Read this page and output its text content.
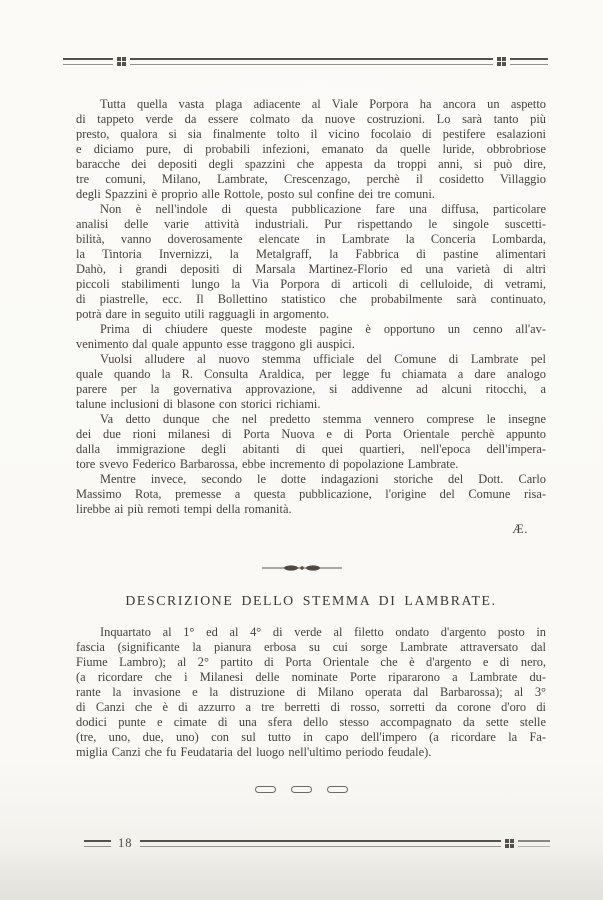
Tutta quella vasta plaga adiacente al Viale Porpora ha ancora un aspetto
di tappeto verde da essere colmato da nuove costruzioni. Lo sarà tanto più
presto, qualora si sia finalmente tolto il vicino focolaio di pestifere esalazioni
e diciamo pure, di probabili infezioni, emanato da quelle luride, obbrobriose
baracche dei depositi degli spazzini che appesta da troppi anni, si può dire,
tre comuni, Milano, Lambrate, Crescenzago, perchè il cosidetto Villaggio
degli Spazzini è proprio alle Rottole, posto sul confine dei tre comuni.
Non è nell'indole di questa pubblicazione fare una diffusa, particolare
analisi delle varie attività industriali. Pur rispettando le singole suscetti-
bilità, vanno doverosamente elencate in Lambrate la Conceria Lombarda,
la Tintoria Invernizzi, la Metalgraff, la Fabbrica di pastine alimentari
Dahò, i grandi depositi di Marsala Martinez-Florio ed una varietà di altri
piccoli stabilimenti lungo la Via Porpora di articoli di celluloide, di vetrami,
di piastrelle, ecc. Il Bollettino statistico che probabilmente sarà continuato,
potrà dare in seguito utili ragguagli in argomento.
Prima di chiudere queste modeste pagine è opportuno un cenno all'av-
venimento dal quale appunto esse traggono gli auspici.
Vuolsi alludere al nuovo stemma ufficiale del Comune di Lambrate pel
quale quando la R. Consulta Araldica, per legge fu chiamata a dare analogo
parere per la governativa approvazione, si addivenne ad alcuni ritocchi, a
talune inclusioni di blasone con storici richiami.
Va detto dunque che nel predetto stemma vennero comprese le insegne
dei due rioni milanesi di Porta Nuova e di Porta Orientale perchè appunto
dalla immigrazione degli abitanti di quei quartieri, nell'epoca dell'impera-
tore svevo Federico Barbarossa, ebbe incremento di popolazione Lambrate.
Mentre invece, secondo le dotte indagazioni storiche del Dott. Carlo
Massimo Rota, premesse a questa pubblicazione, l'origine del Comune risa-
lirebbe ai più remoti tempi della romanità.
Æ.
DESCRIZIONE DELLO STEMMA DI LAMBRATE.
Inquartato al 1° ed al 4° di verde al filetto ondato d'argento posto in
fascia (significante la pianura erbosa su cui sorge Lambrate attraversato dal
Fiume Lambro); al 2° partito di Porta Orientale che è d'argento e di nero,
(a ricordare che i Milanesi delle nominate Porte ripararono a Lambrate du-
rante la invasione e la distruzione di Milano operata dal Barbarossa); al 3°
di Canzi che è di azzurro a tre berretti di rosso, sorretti da corone d'oro di
dodici punte e cimate di una sfera dello stesso accompagnato da sette stelle
(tre, uno, due, uno) con sul tutto in capo dell'impero (a ricordare la Fa-
miglia Canzi che fu Feudataria del luogo nell'ultimo periodo feudale).
18
